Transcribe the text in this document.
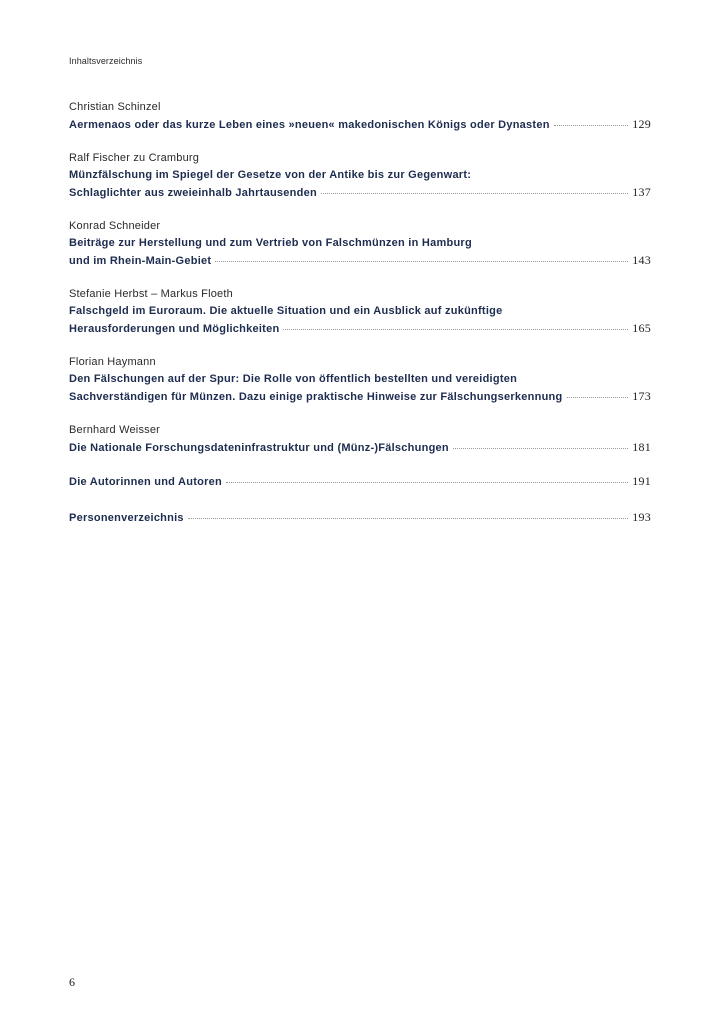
Inhaltsverzeichnis
Christian Schinzel
Aermenaos oder das kurze Leben eines »neuen« makedonischen Königs oder Dynasten	129
Ralf Fischer zu Cramburg
Münzfälschung im Spiegel der Gesetze von der Antike bis zur Gegenwart:
Schlaglichter aus zweieinhalb Jahrtausenden	137
Konrad Schneider
Beiträge zur Herstellung und zum Vertrieb von Falschmünzen in Hamburg
und im Rhein-Main-Gebiet	143
Stefanie Herbst – Markus Floeth
Falschgeld im Euroraum. Die aktuelle Situation und ein Ausblick auf zukünftige
Herausforderungen und Möglichkeiten	165
Florian Haymann
Den Fälschungen auf der Spur: Die Rolle von öffentlich bestellten und vereidigten
Sachverständigen für Münzen. Dazu einige praktische Hinweise zur Fälschungserkennung	173
Bernhard Weisser
Die Nationale Forschungsdateninfrastruktur und (Münz-)Fälschungen	181
Die Autorinnen und Autoren	191
Personenverzeichnis	193
6
